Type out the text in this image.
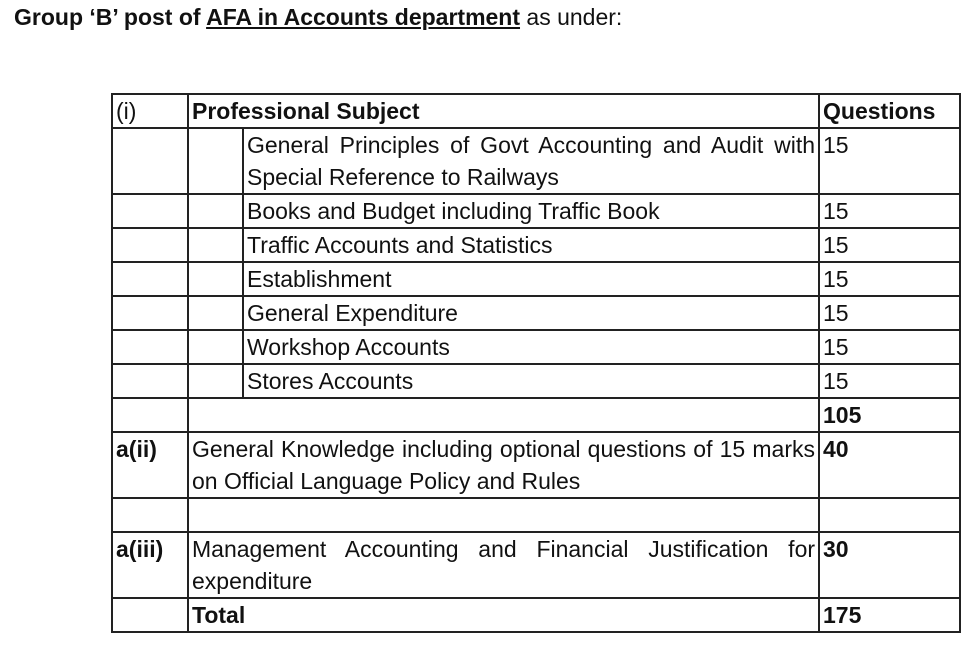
Group ‘B’ post of AFA in Accounts department as under:
(i)	Professional Subject		Questions
		General Principles of Govt Accounting and Audit with Special Reference to Railways	15
		Books and Budget including Traffic Book	15
		Traffic Accounts and Statistics	15
		Establishment	15
		General Expenditure	15
		Workshop Accounts	15
		Stores Accounts	15
			105
a(ii)	General Knowledge including optional questions of 15 marks on Official Language Policy and Rules		40

a(iii)	Management Accounting and Financial Justification for expenditure		30
	Total		175
